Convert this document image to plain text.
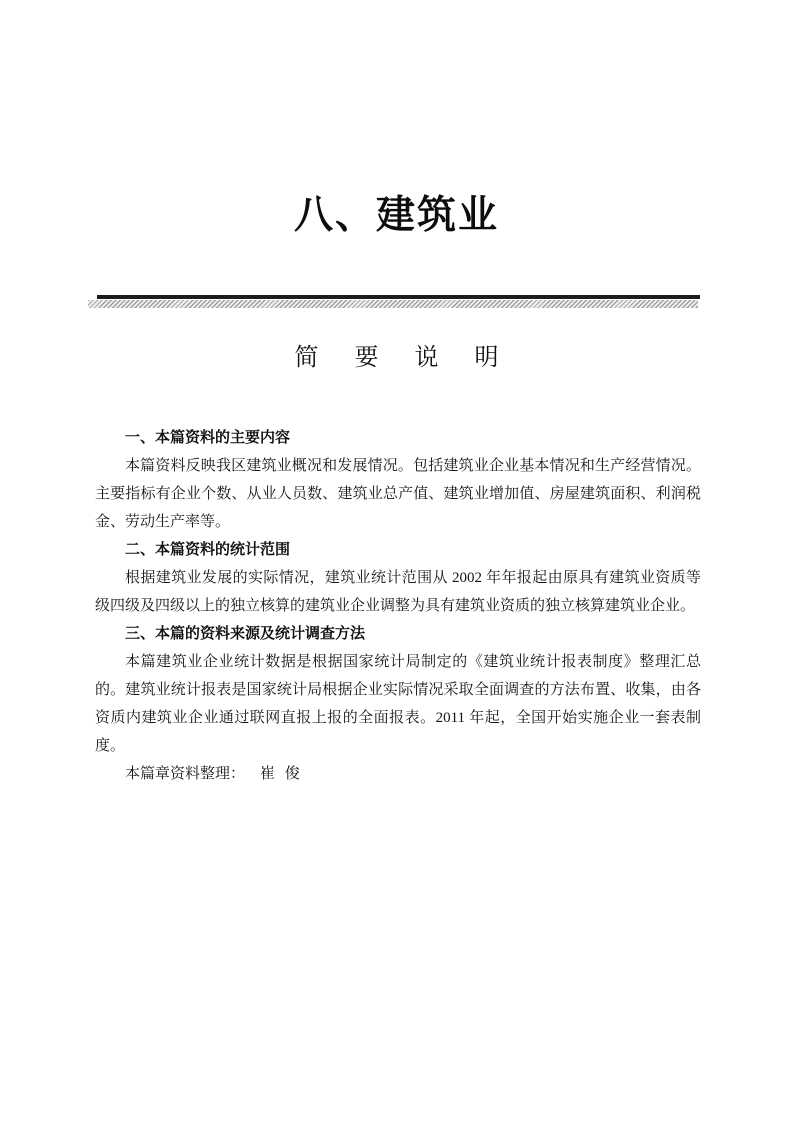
八、建筑业
简　要　说　明
一、本篇资料的主要内容

本篇资料反映我区建筑业概况和发展情况。包括建筑业企业基本情况和生产经营情况。主要指标有企业个数、从业人员数、建筑业总产值、建筑业增加值、房屋建筑面积、利润税金、劳动生产率等。

二、本篇资料的统计范围

根据建筑业发展的实际情况，建筑业统计范围从 2002 年年报起由原具有建筑业资质等级四级及四级以上的独立核算的建筑业企业调整为具有建筑业资质的独立核算建筑业企业。

三、本篇的资料来源及统计调查方法

本篇建筑业企业统计数据是根据国家统计局制定的《建筑业统计报表制度》整理汇总的。建筑业统计报表是国家统计局根据企业实际情况采取全面调查的方法布置、收集，由各资质内建筑业企业通过联网直报上报的全面报表。2011 年起，全国开始实施企业一套表制度。

本篇章资料整理： 崔 俊
